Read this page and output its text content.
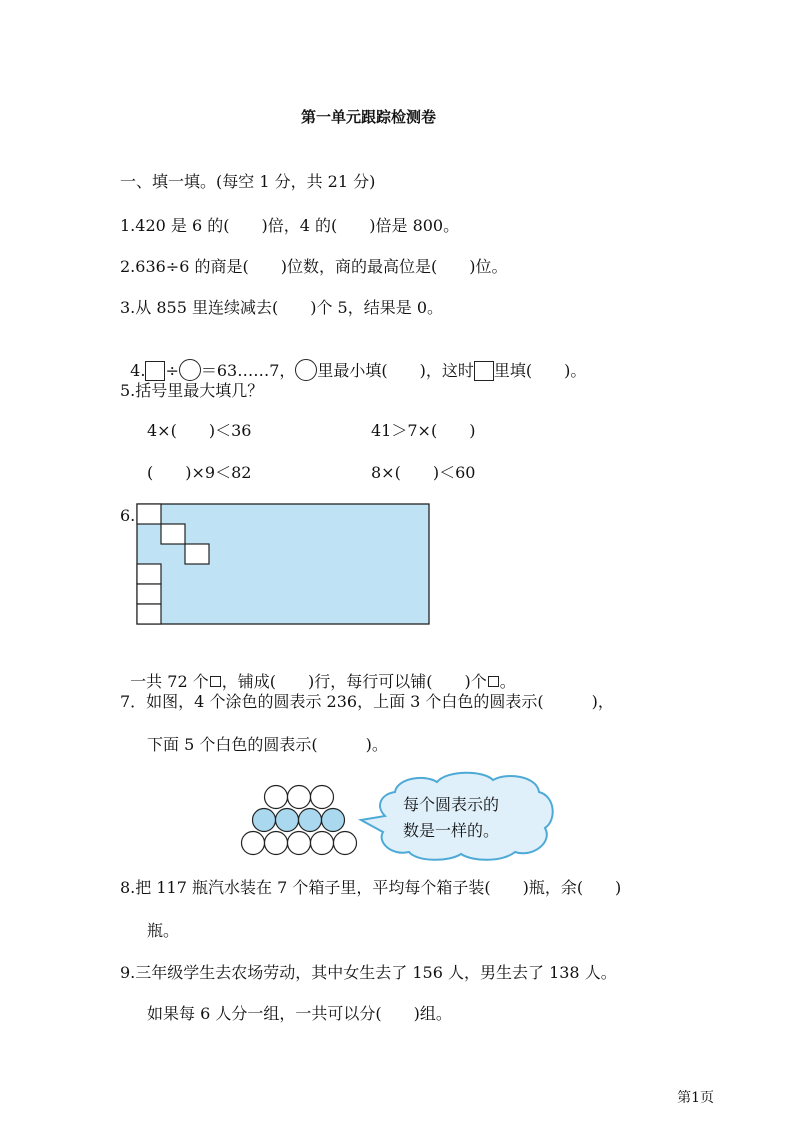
第一单元跟踪检测卷
一、填一填。(每空 1 分，共 21 分)
1.420 是 6 的(　　)倍，4 的(　　)倍是 800。
2.636÷6 的商是(　　)位数，商的最高位是(　　)位。
3.从 855 里连续减去(　　)个 5，结果是 0。

4. ÷ ＝63……7， 里最小填(　　)，这时 里填(　　)。

5.括号里最大填几？
4×(　　)＜36	41＞7×(　　)
(　　)×9＜82	8×(　　)＜60
6.

一共 72 个 ，铺成(　　)行，每行可以铺(　　)个 。

7．如图，4 个涂色的圆表示 236，上面 3 个白色的圆表示(　　　)，
下面 5 个白色的圆表示(　　　)。
每个圆表示的
数是一样的。
8.把 117 瓶汽水装在 7 个箱子里，平均每个箱子装(　　)瓶，余(　　)
瓶。
9.三年级学生去农场劳动，其中女生去了 156 人，男生去了 138 人。
如果每 6 人分一组，一共可以分(　　)组。
第1页
